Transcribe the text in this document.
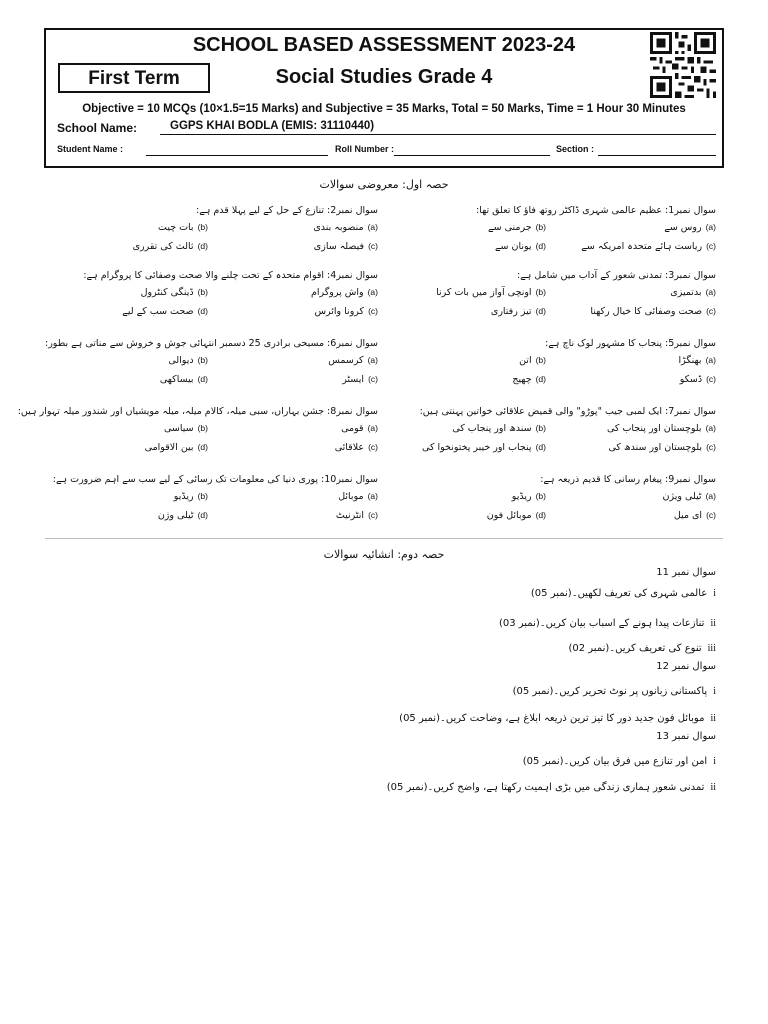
SCHOOL BASED ASSESSMENT 2023-24
First Term	Social Studies Grade 4
Objective = 10 MCQs (10×1.5=15 Marks) and Subjective = 35 Marks, Total = 50 Marks, Time = 1 Hour 30 Minutes
School Name:	GGPS KHAI BODLA (EMIS: 31110440)
Student Name :	Roll Number :	Section :
حصہ اول: معروضی سوالات
سوال نمبر1: عظیم عالمی شہری ڈاکٹر روتھ فاؤ کا تعلق تھا:
(a)روس سے
(b)جرمنی سے
(c)ریاست ہائے متحدہ امریکہ سے
(d)یونان سے
سوال نمبر2: تنازع کے حل کے لیے پہلا قدم ہے:
(a)منصوبہ بندی
(b)بات چیت
(c)فیصلہ سازی
(d)ثالث کی تقرری
سوال نمبر3: تمدنی شعور کے آداب میں شامل ہے:
(a)بدتمیزی
(b)اونچی آواز میں بات کرنا
(c)صحت وصفائی کا خیال رکھنا
(d)تیز رفتاری
سوال نمبر4: اقوام متحدہ کے تحت چلنے والا صحت وصفائی کا پروگرام ہے:
(a)واش پروگرام
(b)ڈینگی کنٹرول
(c)کرونا وائرس
(d)صحت سب کے لیے
سوال نمبر5: پنجاب کا مشہور لوک ناچ ہے:
(a)بھنگڑا
(b)اتن
(c)ڈسکو
(d)چھیج
سوال نمبر6: مسیحی برادری 25 دسمبر انتہائی جوش و خروش سے مناتی ہے بطور:
(a)کرسمس
(b)دیوالی
(c)ایسٹر
(d)بیساکھی
سوال نمبر7: ایک لمبی جیب "پوڑو" والی قمیض علاقائی خواتین پہنتی ہیں:
(a)بلوچستان اور پنجاب کی
(b)سندھ اور پنجاب کی
(c)بلوچستان اور سندھ کی
(d)پنجاب اور خیبر پختونخوا کی
سوال نمبر8: جشن بہاراں، سبی میلہ، کالام میلہ، میلہ مویشیاں اور شندور میلہ تہوار ہیں:
(a)قومی
(b)سیاسی
(c)علاقائی
(d)بین الاقوامی
سوال نمبر9: پیغام رسانی کا قدیم ذریعہ ہے:
(a)ٹیلی ویژن
(b)ریڈیو
(c)ای میل
(d)موبائل فون
سوال نمبر10: پوری دنیا کی معلومات تک رسائی کے لیے سب سے اہم ضرورت ہے:
(a)موبائل
(b)ریڈیو
(c)انٹرنیٹ
(d)ٹیلی وژن
حصہ دوم: انشائیہ سوالات
سوال نمبر 11
iعالمی شہری کی تعریف لکھیں۔(نمبر 05)
iiتنازعات پیدا ہونے کے اسباب بیان کریں۔(نمبر 03)
iiiتنوع کی تعریف کریں۔(نمبر 02)
سوال نمبر 12
iپاکستانی زبانوں پر نوٹ تحریر کریں۔(نمبر 05)
iiموبائل فون جدید دور کا تیز ترین ذریعہ ابلاغ ہے، وضاحت کریں۔(نمبر 05)
سوال نمبر 13
iامن اور تنازع میں فرق بیان کریں۔(نمبر 05)
iiتمدنی شعور ہماری زندگی میں بڑی اہمیت رکھتا ہے، واضح کریں۔(نمبر 05)
